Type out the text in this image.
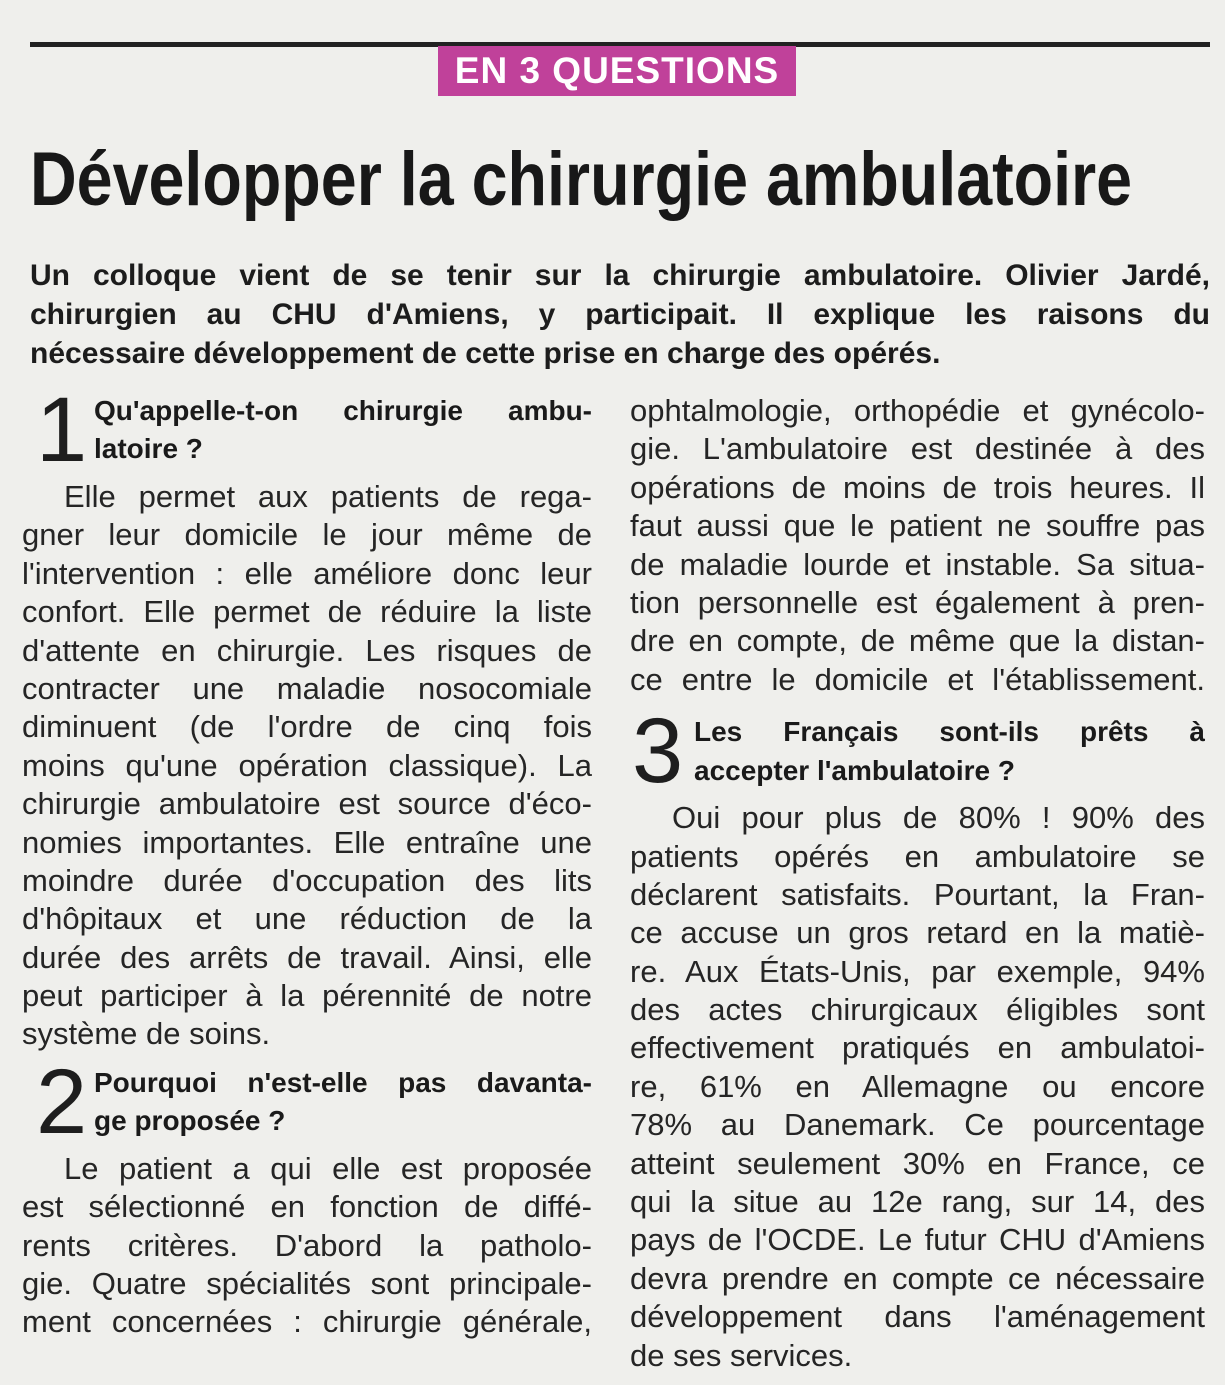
EN 3 QUESTIONS
Développer la chirurgie ambulatoire
Un colloque vient de se tenir sur la chirurgie ambulatoire. Olivier Jardé,
chirurgien au CHU d'Amiens, y participait. Il explique les raisons du
nécessaire développement de cette prise en charge des opérés.
1 Qu'appelle-t-on chirurgie ambu-
latoire ?
Elle permet aux patients de rega-
gner leur domicile le jour même de
l'intervention : elle améliore donc leur
confort. Elle permet de réduire la liste
d'attente en chirurgie. Les risques de
contracter une maladie nosocomiale
diminuent (de l'ordre de cinq fois
moins qu'une opération classique). La
chirurgie ambulatoire est source d'éco-
nomies importantes. Elle entraîne une
moindre durée d'occupation des lits
d'hôpitaux et une réduction de la
durée des arrêts de travail. Ainsi, elle
peut participer à la pérennité de notre
système de soins.
2 Pourquoi n'est-elle pas davanta-
ge proposée ?
Le patient a qui elle est proposée
est sélectionné en fonction de diffé-
rents critères. D'abord la patholo-
gie. Quatre spécialités sont principale-
ment concernées : chirurgie générale,
ophtalmologie, orthopédie et gynécolo-
gie. L'ambulatoire est destinée à des
opérations de moins de trois heures. Il
faut aussi que le patient ne souffre pas
de maladie lourde et instable. Sa situa-
tion personnelle est également à pren-
dre en compte, de même que la distan-
ce entre le domicile et l'établissement.
3 Les Français sont-ils prêts à
accepter l'ambulatoire ?
Oui pour plus de 80% ! 90% des
patients opérés en ambulatoire se
déclarent satisfaits. Pourtant, la Fran-
ce accuse un gros retard en la matiè-
re. Aux États-Unis, par exemple, 94%
des actes chirurgicaux éligibles sont
effectivement pratiqués en ambulatoi-
re, 61% en Allemagne ou encore
78% au Danemark. Ce pourcentage
atteint seulement 30% en France, ce
qui la situe au 12e rang, sur 14, des
pays de l'OCDE. Le futur CHU d'Amiens
devra prendre en compte ce nécessaire
développement dans l'aménagement
de ses services.
